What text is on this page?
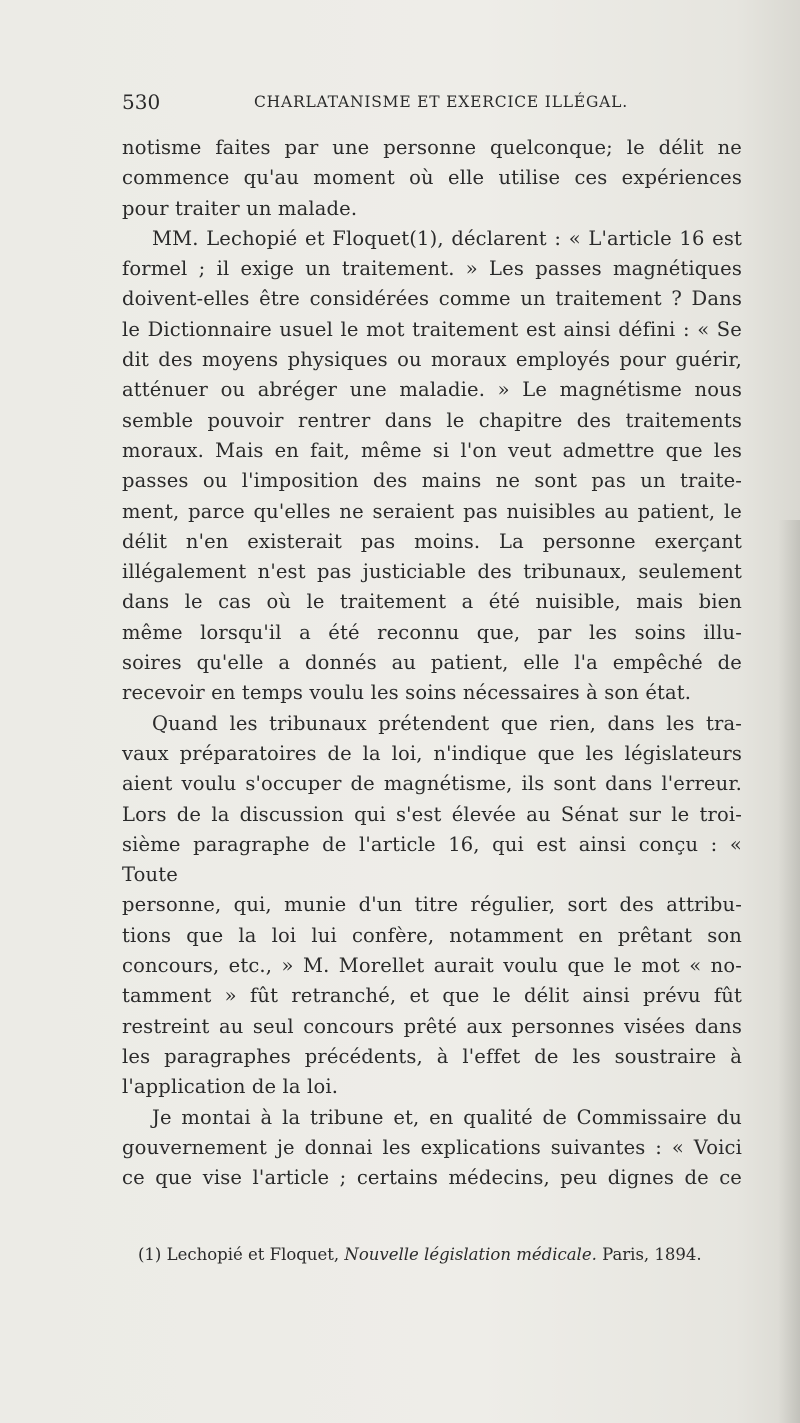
530	CHARLATANISME ET EXERCICE ILLÉGAL.

notisme faites par une personne quelconque; le délit ne
commence qu'au moment où elle utilise ces expériences
pour traiter un malade.

MM. Lechopié et Floquet(1), déclarent : « L'article 16 est
formel ; il exige un traitement. » Les passes magnétiques
doivent-elles être considérées comme un traitement ? Dans
le Dictionnaire usuel le mot traitement est ainsi défini : « Se
dit des moyens physiques ou moraux employés pour guérir,
atténuer ou abréger une maladie. » Le magnétisme nous
semble pouvoir rentrer dans le chapitre des traitements
moraux. Mais en fait, même si l'on veut admettre que les
passes ou l'imposition des mains ne sont pas un traite-
ment, parce qu'elles ne seraient pas nuisibles au patient, le
délit n'en existerait pas moins. La personne exerçant
illégalement n'est pas justiciable des tribunaux, seulement
dans le cas où le traitement a été nuisible, mais bien
même lorsqu'il a été reconnu que, par les soins illu-
soires qu'elle a donnés au patient, elle l'a empêché de
recevoir en temps voulu les soins nécessaires à son état.

Quand les tribunaux prétendent que rien, dans les tra-
vaux préparatoires de la loi, n'indique que les législateurs
aient voulu s'occuper de magnétisme, ils sont dans l'erreur.
Lors de la discussion qui s'est élevée au Sénat sur le troi-
sième paragraphe de l'article 16, qui est ainsi conçu : « Toute
personne, qui, munie d'un titre régulier, sort des attribu-
tions que la loi lui confère, notamment en prêtant son
concours, etc., » M. Morellet aurait voulu que le mot « no-
tamment » fût retranché, et que le délit ainsi prévu fût
restreint au seul concours prêté aux personnes visées dans
les paragraphes précédents, à l'effet de les soustraire à
l'application de la loi.

Je montai à la tribune et, en qualité de Commissaire du
gouvernement je donnai les explications suivantes : « Voici
ce que vise l'article ; certains médecins, peu dignes de ce

(1) Lechopié et Floquet, Nouvelle législation médicale. Paris, 1894.
